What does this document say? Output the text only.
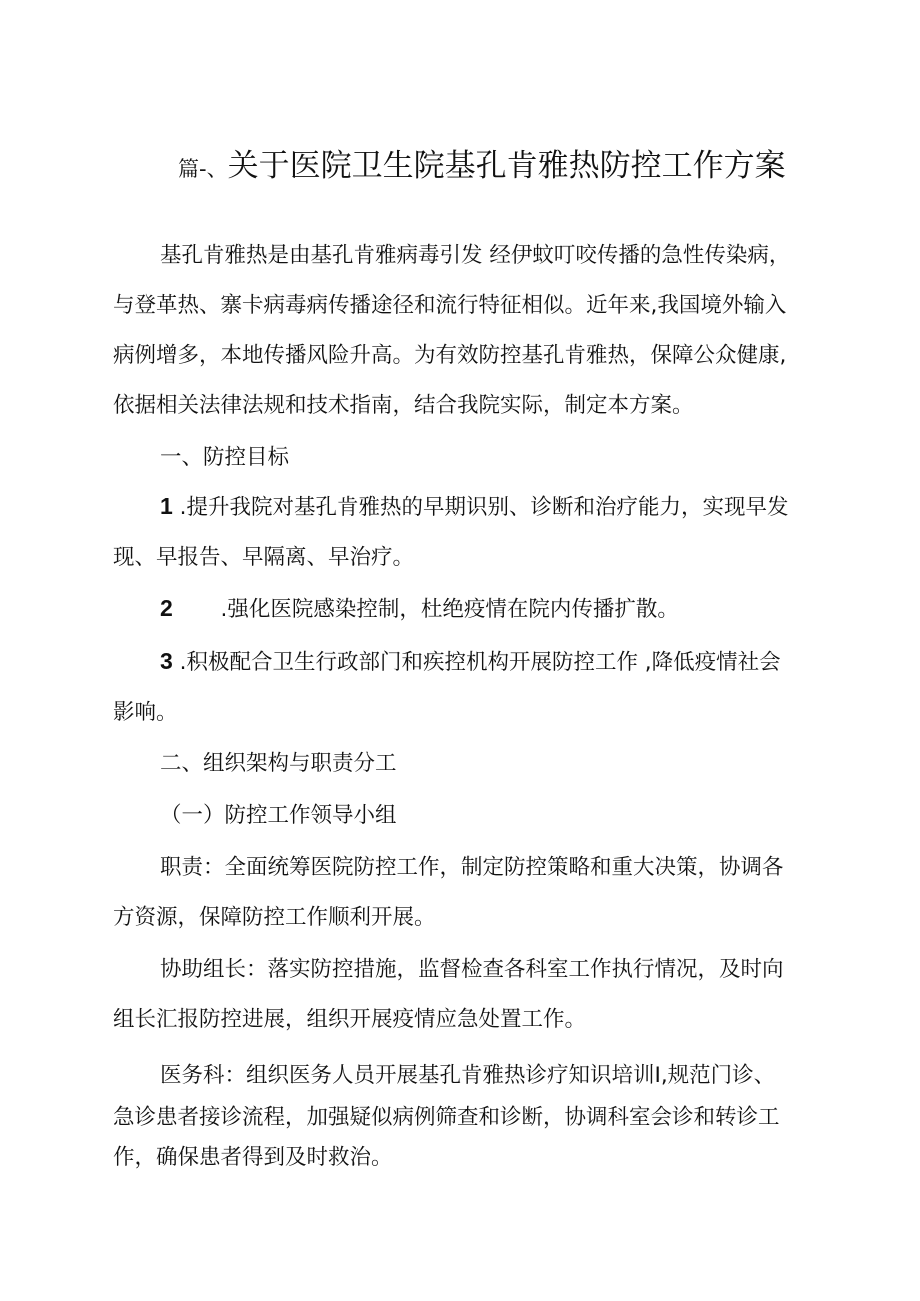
篇-、关于医院卫生院基孔肯雅热防控工作方案
基孔肯雅热是由基孔肯雅病毒引发 经伊蚊叮咬传播的急性传染病，
与登革热、寨卡病毒病传播途径和流行特征相似。近年来,我国境外输入
病例增多，本地传播风险升高。为有效防控基孔肯雅热，保障公众健康,
依据相关法律法规和技术指南，结合我院实际，制定本方案。
一、防控目标
1 .提升我院对基孔肯雅热的早期识别、诊断和治疗能力，实现早发
现、早报告、早隔离、早治疗。
2 .强化医院感染控制，杜绝疫情在院内传播扩散。
3 .积极配合卫生行政部门和疾控机构开展防控工作 ,降低疫情社会
影响。
二、组织架构与职责分工
（一）防控工作领导小组
职责：全面统筹医院防控工作，制定防控策略和重大决策，协调各
方资源，保障防控工作顺利开展。
协助组长：落实防控措施，监督检查各科室工作执行情况，及时向
组长汇报防控进展，组织开展疫情应急处置工作。
医务科：组织医务人员开展基孔肯雅热诊疗知识培训I,规范门诊、
急诊患者接诊流程，加强疑似病例筛查和诊断，协调科室会诊和转诊工
作，确保患者得到及时救治。
